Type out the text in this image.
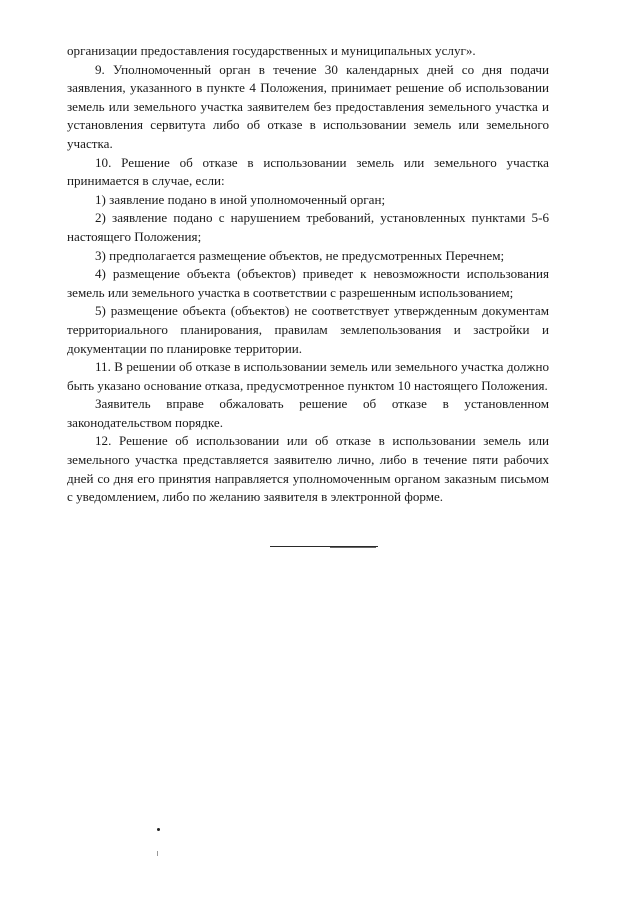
организации предоставления государственных и муниципальных услуг».

9. Уполномоченный орган в течение 30 календарных дней со дня подачи заявления, указанного в пункте 4 Положения, принимает решение об использовании земель или земельного участка заявителем без предоставления земельного участка и установления сервитута либо об отказе в использовании земель или земельного участка.

10. Решение об отказе в использовании земель или земельного участка принимается в случае, если:

1) заявление подано в иной уполномоченный орган;

2) заявление подано с нарушением требований, установленных пунктами 5-6 настоящего Положения;

3) предполагается размещение объектов, не предусмотренных Перечнем;

4) размещение объекта (объектов) приведет к невозможности использования земель или земельного участка в соответствии с разрешенным использованием;

5) размещение объекта (объектов) не соответствует утвержденным документам территориального планирования, правилам землепользования и застройки и документации по планировке территории.

11. В решении об отказе в использовании земель или земельного участка должно быть указано основание отказа, предусмотренное пунктом 10 настоящего Положения.

Заявитель вправе обжаловать решение об отказе в установленном законодательством порядке.

12. Решение об использовании или об отказе в использовании земель или земельного участка представляется заявителю лично, либо в течение пяти рабочих дней со дня его принятия направляется уполномоченным органом заказным письмом с уведомлением, либо по желанию заявителя в электронной форме.
